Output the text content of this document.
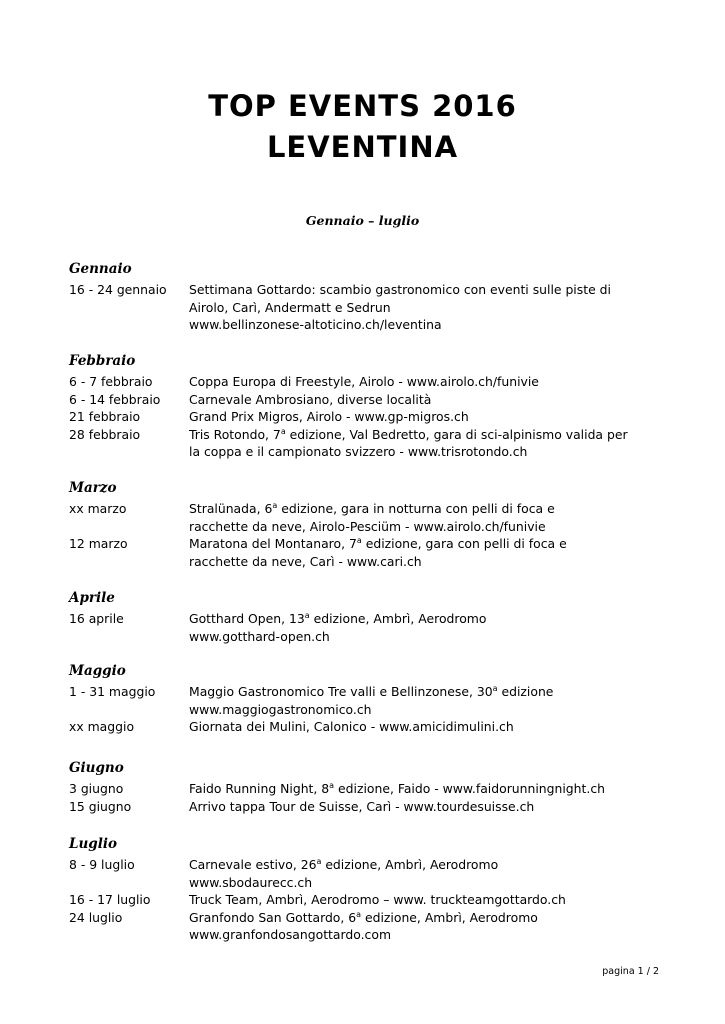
TOP EVENTS 2016
LEVENTINA
Gennaio – luglio
Gennaio
16 - 24 gennaio Settimana Gottardo: scambio gastronomico con eventi sulle piste di
Airolo, Carì, Andermatt e Sedrun
www.bellinzonese-altoticino.ch/leventina
Febbraio
6 - 7 febbraio	Coppa Europa di Freestyle, Airolo - www.airolo.ch/funivie
6 - 14 febbraio Carnevale Ambrosiano, diverse località
21 febbraio	Grand Prix Migros, Airolo - www.gp-migros.ch
28 febbraio	Tris Rotondo, 7$^a$ edizione, Val Bedretto, gara di sci-alpinismo valida per
la coppa e il campionato svizzero - www.trisrotondo.ch
Marzo
xx marzo	Stralünada, 6$^a$ edizione, gara in notturna con pelli di foca e
racchette da neve, Airolo-Pesciüm - www.airolo.ch/funivie
12 marzo	Maratona del Montanaro, 7$^a$ edizione, gara con pelli di foca e
racchette da neve, Carì - www.cari.ch
Aprile
16 aprile	Gotthard Open, 13$^a$ edizione, Ambrì, Aerodromo
www.gotthard-open.ch
Maggio
1 - 31 maggio	Maggio Gastronomico Tre valli e Bellinzonese, 30$^a$ edizione
www.maggiogastronomico.ch
xx maggio	Giornata dei Mulini, Calonico - www.amicidimulini.ch
Giugno
3 giugno	Faido Running Night, 8$^a$ edizione, Faido - www.faidorunningnight.ch
15 giugno	Arrivo tappa Tour de Suisse, Carì - www.tourdesuisse.ch
Luglio
8 - 9 luglio	Carnevale estivo, 26$^a$ edizione, Ambrì, Aerodromo
www.sbodaurecc.ch
16 - 17 luglio	Truck Team, Ambrì, Aerodromo – www. truckteamgottardo.ch
24 luglio	Granfondo San Gottardo, 6$^a$ edizione, Ambrì, Aerodromo
www.granfondosangottardo.com
pagina 1 / 2
